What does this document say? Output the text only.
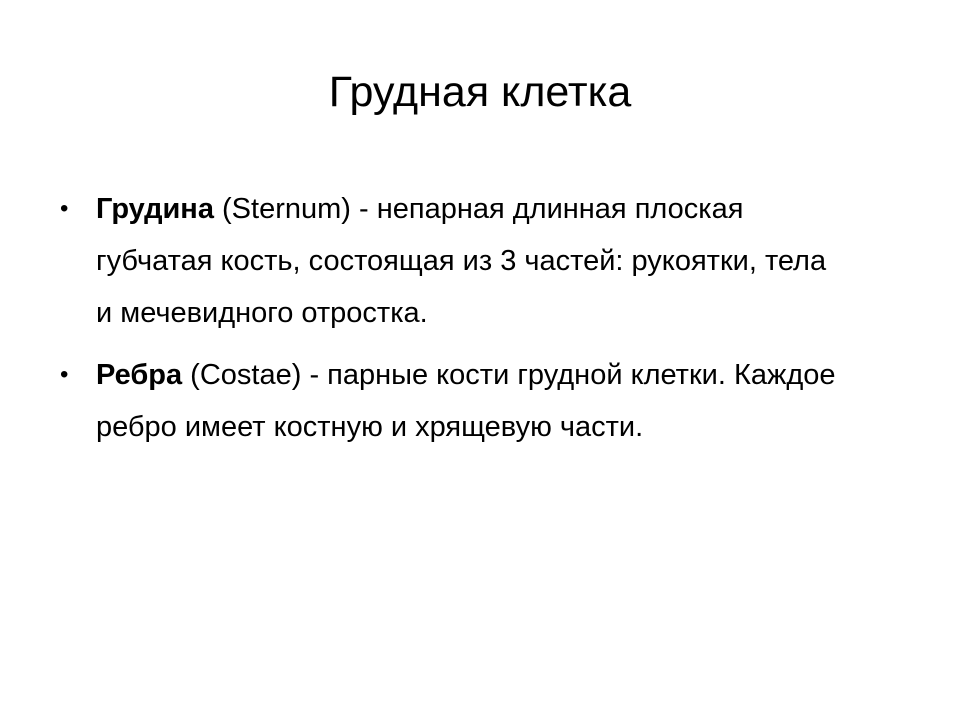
Грудная клетка
• Грудина (Sternum) - непарная длинная плоская губчатая кость, состоящая из 3 частей: рукоятки, тела и мечевидного отростка.
• Ребра (Costae) - парные кости грудной клетки. Каждое ребро имеет костную и хрящевую части.
